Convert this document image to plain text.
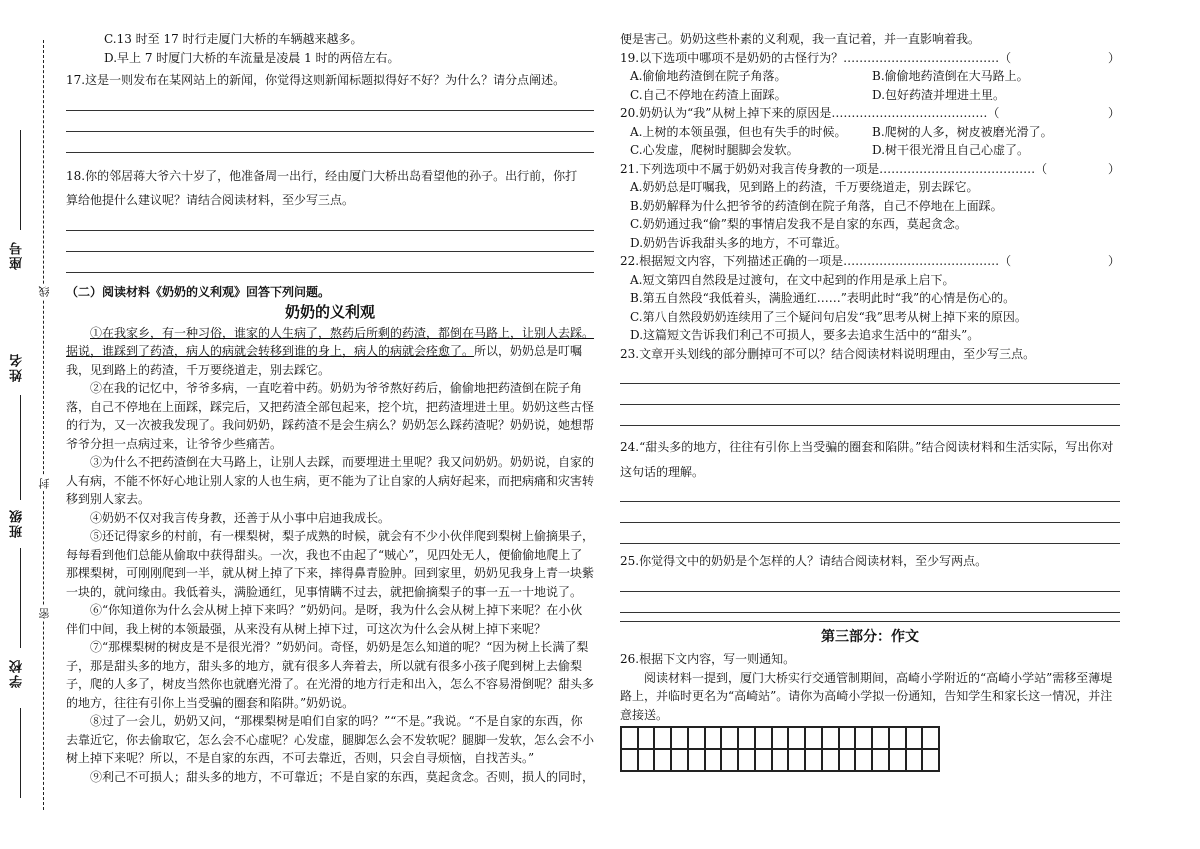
学校
班级
姓名
座号
密
封
线
C.13 时至 17 时行走厦门大桥的车辆越来越多。
D.早上 7 时厦门大桥的车流量是凌晨 1 时的两倍左右。
17.这是一则发布在某网站上的新闻，你觉得这则新闻标题拟得好不好？为什么？请分点阐述。
18.你的邻居蒋大爷六十岁了，他准备周一出行，经由厦门大桥出岛看望他的孙子。出行前，你打
算给他提什么建议呢？请结合阅读材料，至少写三点。
（二）阅读材料《奶奶的义利观》回答下列问题。
奶奶的义利观
①在我家乡，有一种习俗，谁家的人生病了，熬药后所剩的药渣，都倒在马路上，让别人去踩。据说，谁踩到了药渣，病人的病就会转移到谁的身上，病人的病就会痊愈了。所以，奶奶总是叮嘱我，见到路上的药渣，千万要绕道走，别去踩它。
②在我的记忆中，爷爷多病，一直吃着中药。奶奶为爷爷熬好药后，偷偷地把药渣倒在院子角落，自己不停地在上面踩，踩完后，又把药渣全部包起来，挖个坑，把药渣埋进土里。奶奶这些古怪的行为，又一次被我发现了。我问奶奶，踩药渣不是会生病么？奶奶怎么踩药渣呢？奶奶说，她想帮爷爷分担一点病过来，让爷爷少些痛苦。
③为什么不把药渣倒在大马路上，让别人去踩，而要埋进土里呢？我又问奶奶。奶奶说，自家的人有病，不能不怀好心地让别人家的人也生病，更不能为了让自家的人病好起来，而把病痛和灾害转移到别人家去。
④奶奶不仅对我言传身教，还善于从小事中启迪我成长。
⑤还记得家乡的村前，有一棵梨树，梨子成熟的时候，就会有不少小伙伴爬到梨树上偷摘果子，每每看到他们总能从偷取中获得甜头。一次，我也不由起了“贼心”，见四处无人，便偷偷地爬上了那棵梨树，可刚刚爬到一半，就从树上掉了下来，摔得鼻青脸肿。回到家里，奶奶见我身上青一块紫一块的，就问缘由。我低着头，满脸通红，见事情瞒不过去，就把偷摘梨子的事一五一十地说了。
⑥“你知道你为什么会从树上掉下来吗？”奶奶问。是呀，我为什么会从树上掉下来呢？在小伙伴们中间，我上树的本领最强，从来没有从树上掉下过，可这次为什么会从树上掉下来呢？
⑦“那棵梨树的树皮是不是很光滑？”奶奶问。奇怪，奶奶是怎么知道的呢？“因为树上长满了梨子，那是甜头多的地方，甜头多的地方，就有很多人奔着去，所以就有很多小孩子爬到树上去偷梨子，爬的人多了，树皮当然你也就磨光滑了。在光滑的地方行走和出入，怎么不容易滑倒呢？甜头多的地方，往往有引你上当受骗的圈套和陷阱。”奶奶说。
⑧过了一会儿，奶奶又问，“那棵梨树是咱们自家的吗？”“不是。”我说。“不是自家的东西，你去靠近它，你去偷取它，怎么会不心虚呢？心发虚，腿脚怎么会不发软呢？腿脚一发软，怎么会不小树上掉下来呢？所以，不是自家的东西，不可去靠近，否则，只会自寻烦恼，自找苦头。”
⑨利己不可损人；甜头多的地方，不可靠近；不是自家的东西，莫起贪念。否则，损人的同时，
便是害己。奶奶这些朴素的义利观，我一直记着，并一直影响着我。
19.以下选项中哪项不是奶奶的古怪行为？…………………………………（	）
A.偷偷地药渣倒在院子角落。	B.偷偷地药渣倒在大马路上。
C.自己不停地在药渣上面踩。	D.包好药渣并埋进土里。
20.奶奶认为“我”从树上掉下来的原因是…………………………………（	）
A.上树的本领虽强，但也有失手的时候。	B.爬树的人多，树皮被磨光滑了。
C.心发虚，爬树时腿脚会发软。	D.树干很光滑且自己心虚了。
21.下列选项中不属于奶奶对我言传身教的一项是…………………………………（	）
A.奶奶总是叮嘱我，见到路上的药渣，千万要绕道走，别去踩它。
B.奶奶解释为什么把爷爷的药渣倒在院子角落，自己不停地在上面踩。
C.奶奶通过我“偷”梨的事情启发我不是自家的东西，莫起贪念。
D.奶奶告诉我甜头多的地方，不可靠近。
22.根据短文内容，下列描述正确的一项是…………………………………（	）
A.短文第四自然段是过渡句，在文中起到的作用是承上启下。
B.第五自然段“我低着头，满脸通红……”表明此时“我”的心情是伤心的。
C.第八自然段奶奶连续用了三个疑问句启发“我”思考从树上掉下来的原因。
D.这篇短文告诉我们利己不可损人，要多去追求生活中的“甜头”。
23.文章开头划线的部分删掉可不可以？结合阅读材料说明理由，至少写三点。
24.“甜头多的地方，往往有引你上当受骗的圈套和陷阱。”结合阅读材料和生活实际，写出你对
这句话的理解。
25.你觉得文中的奶奶是个怎样的人？请结合阅读材料，至少写两点。
第三部分：作文
26.根据下文内容，写一则通知。
阅读材料一提到，厦门大桥实行交通管制期间，高崎小学附近的“高崎小学站”需移至薄堤路上，并临时更名为“高崎站”。请你为高崎小学拟一份通知，告知学生和家长这一情况，并注意接送。
